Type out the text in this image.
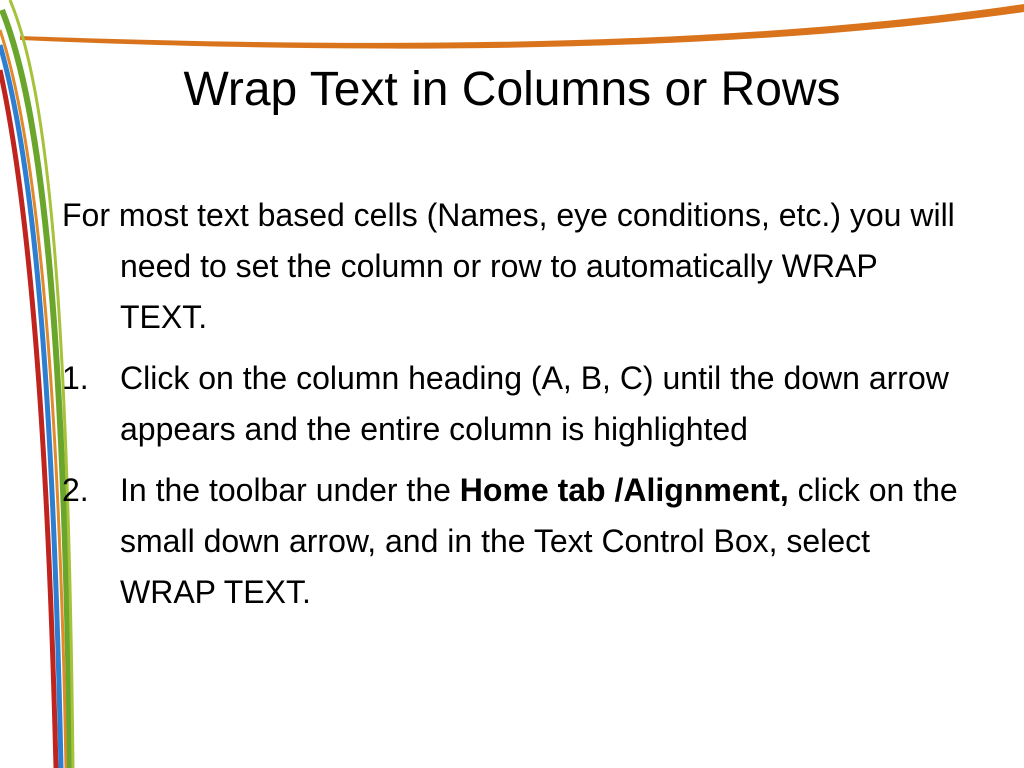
Wrap Text in Columns or Rows

For most text based cells (Names, eye conditions, etc.) you will need to set the column or row to automatically WRAP TEXT.

1. Click on the column heading (A, B, C) until the down arrow appears and the entire column is highlighted
2. In the toolbar under the Home tab /Alignment, click on the small down arrow, and in the Text Control Box, select WRAP TEXT.
